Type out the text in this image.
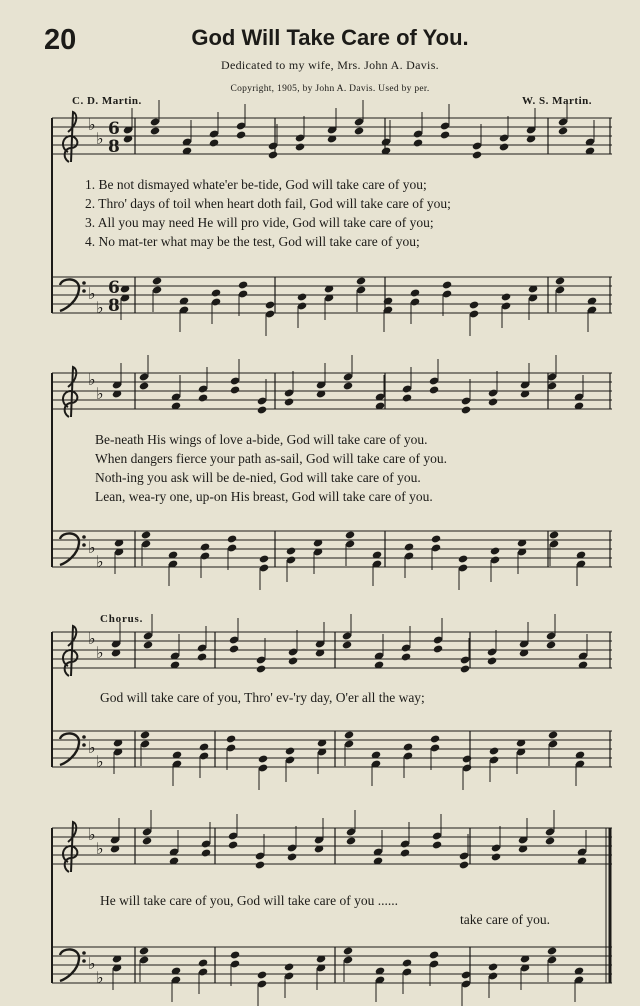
20	God Will Take Care of You.
Dedicated to my wife, Mrs. John A. Davis.
Copyright, 1905, by John A. Davis. Used by per.
C. D. Martin.	W. S. Martin.
♭
♭ 6
8
♭
♭
6
8
♭
♭
♭
♭
♭
♭
♭
♭
♭
♭
♭
♭
1. Be not dismayed whate'er be-tide, God will take care of you;
2. Thro' days of toil when heart doth fail, God will take care of you;
3. All you may need He will pro vide, God will take care of you;
4. No mat-ter what may be the test, God will take care of you;
Be-neath His wings of love a-bide, God will take care of you.
When dangers fierce your path as-sail, God will take care of you.
Noth-ing you ask will be de-nied, God will take care of you.
Lean, wea-ry one, up-on His breast, God will take care of you.
Chorus.
God will take care of you, Thro' ev-'ry day, O'er all the way;
He will take care of you, God will take care of you ......
take care of you.
